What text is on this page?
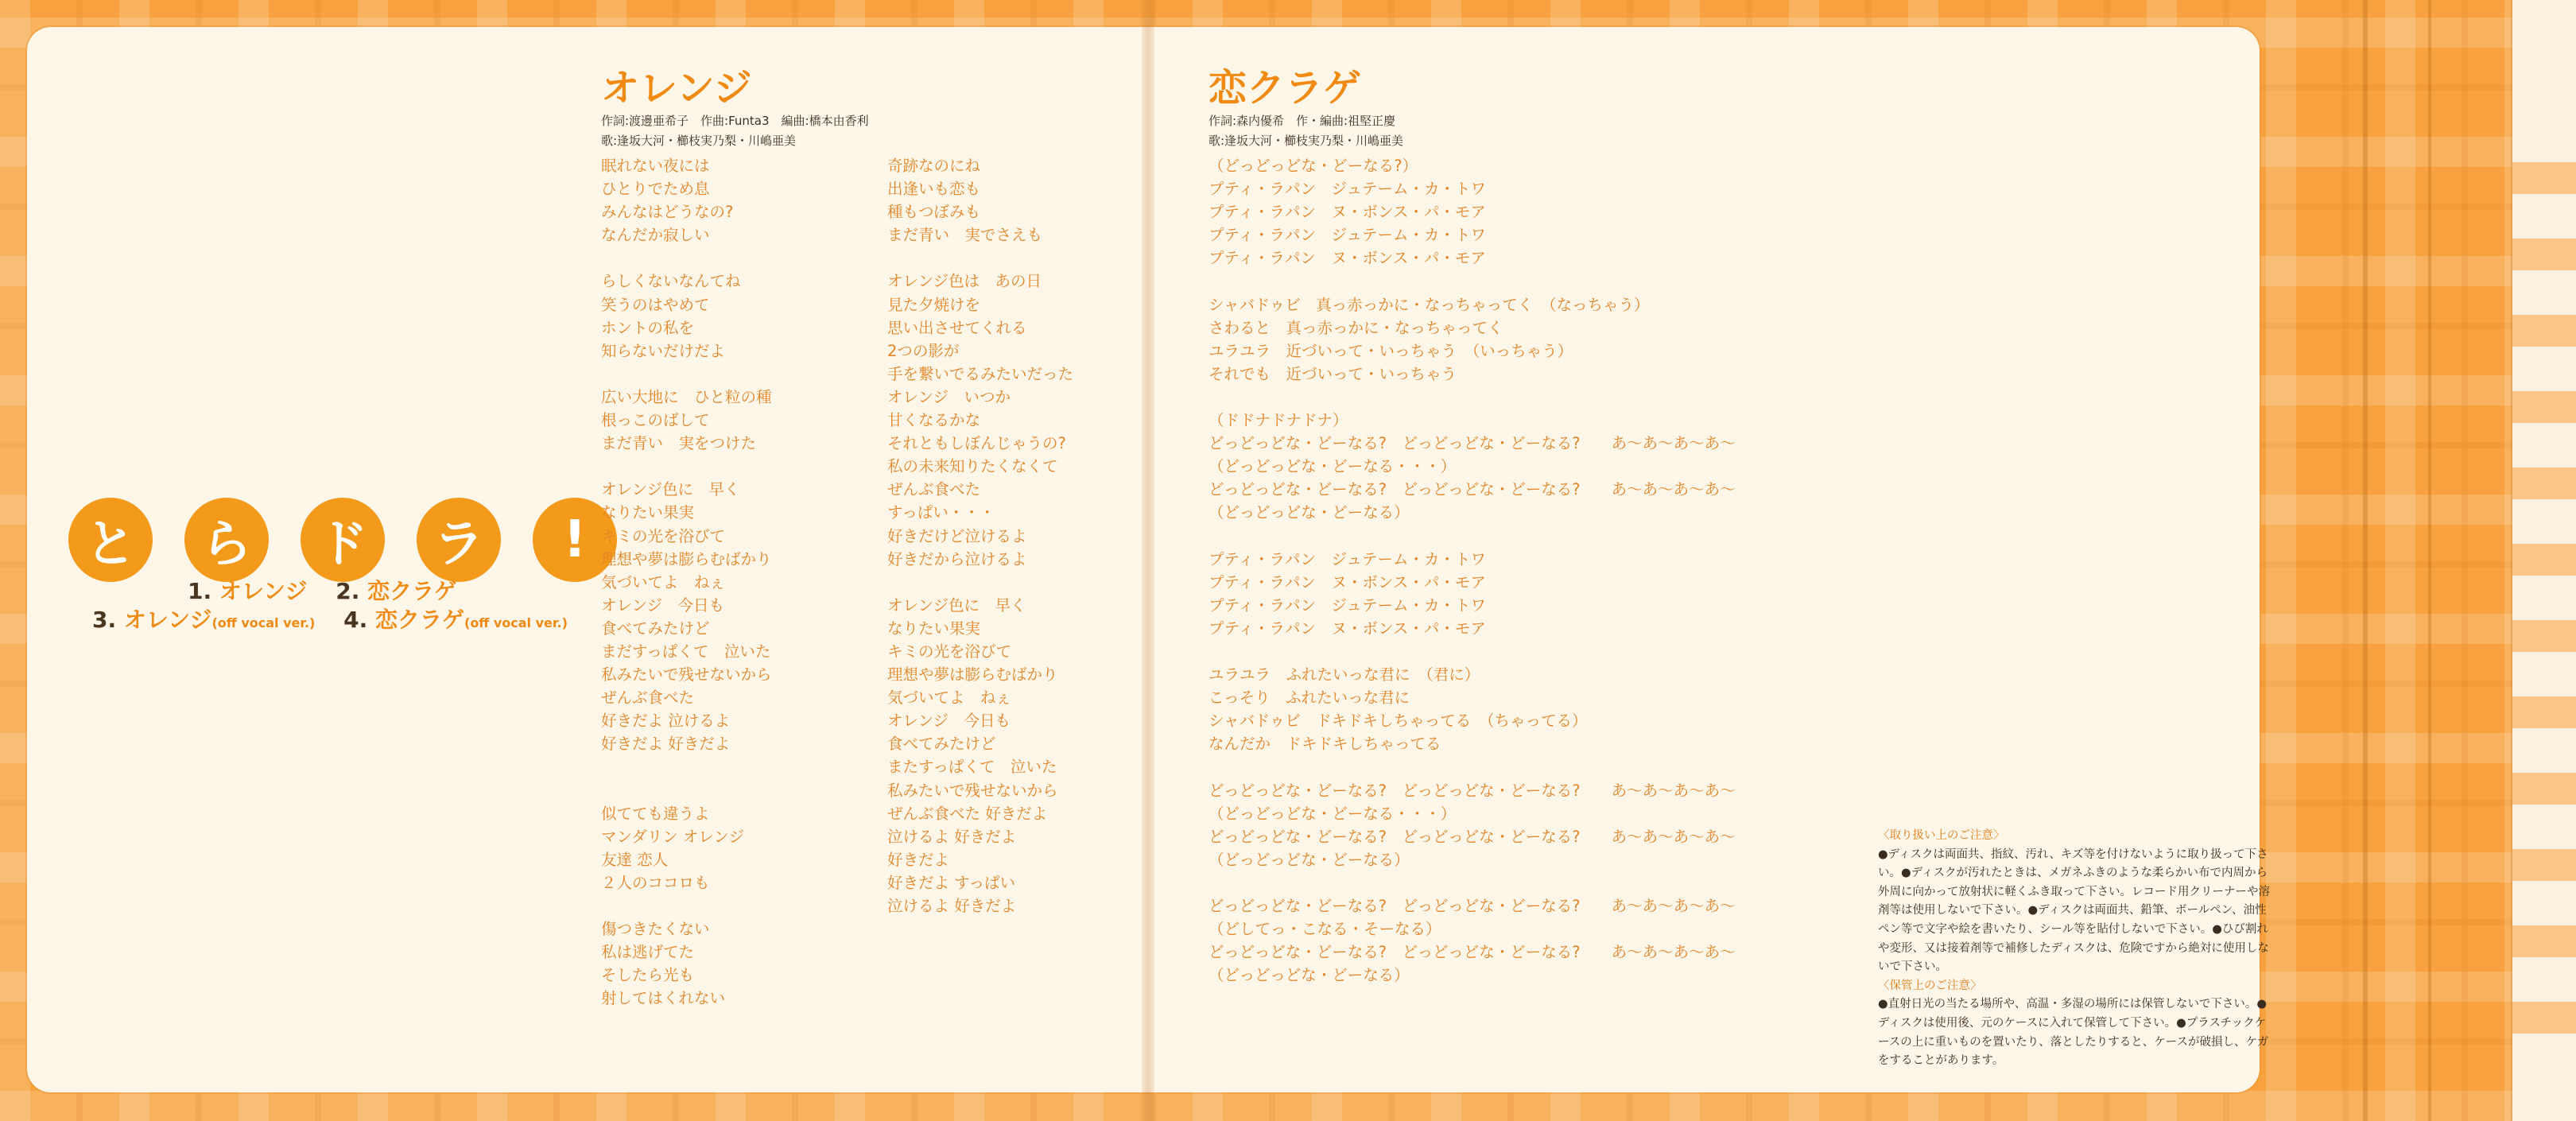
と	ら	ド	ラ	!
1. オレンジ 2. 恋クラゲ
3. オレンジ(off vocal ver.) 4. 恋クラゲ(off vocal ver.)
オレンジ
作詞:渡邊亜希子　作曲:Funta3　編曲:橋本由香利
歌:逢坂大河・櫛枝実乃梨・川嶋亜美
眠れない夜には
ひとりでため息
みんなはどうなの?
なんだか寂しい

らしくないなんてね
笑うのはやめて
ホントの私を
知らないだけだよ

広い大地に　ひと粒の種
根っこのばして
まだ青い　実をつけた

オレンジ色に　早く
なりたい果実
キミの光を浴びて
理想や夢は膨らむばかり
気づいてよ　ねぇ
オレンジ　今日も
食べてみたけど
まだすっぱくて　泣いた
私みたいで残せないから
ぜんぶ食べた
好きだよ 泣けるよ
好きだよ 好きだよ

似てても違うよ
マンダリン オレンジ
友達 恋人
２人のココロも

傷つきたくない
私は逃げてた
そしたら光も
射してはくれない
奇跡なのにね
出逢いも恋も
種もつぼみも
まだ青い　実でさえも

オレンジ色は　あの日
見た夕焼けを
思い出させてくれる
2つの影が
手を繋いでるみたいだった
オレンジ　いつか
甘くなるかな
それともしぼんじゃうの?
私の未来知りたくなくて
ぜんぶ食べた
すっぱい・・・
好きだけど泣けるよ
好きだから泣けるよ

オレンジ色に　早く
なりたい果実
キミの光を浴びて
理想や夢は膨らむばかり
気づいてよ　ねぇ
オレンジ　今日も
食べてみたけど
またすっぱくて　泣いた
私みたいで残せないから
ぜんぶ食べた 好きだよ
泣けるよ 好きだよ
好きだよ
好きだよ すっぱい
泣けるよ 好きだよ
恋クラゲ
作詞:森内優希　作・編曲:祖堅正慶
歌:逢坂大河・櫛枝実乃梨・川嶋亜美
（どっどっどな・どーなる?）
プティ・ラパン　ジュテーム・カ・トワ
プティ・ラパン　ヌ・ボンス・パ・モア
プティ・ラパン　ジュテーム・カ・トワ
プティ・ラパン　ヌ・ボンス・パ・モア

シャバドゥビ　真っ赤っかに・なっちゃってく　（なっちゃう）
さわると　真っ赤っかに・なっちゃってく
ユラユラ　近づいって・いっちゃう　（いっちゃう）
それでも　近づいって・いっちゃう

（ドドナドナドナ）
どっどっどな・どーなる?　どっどっどな・どーなる?　　あ〜あ〜あ〜あ〜
（どっどっどな・どーなる・・・）
どっどっどな・どーなる?　どっどっどな・どーなる?　　あ〜あ〜あ〜あ〜
（どっどっどな・どーなる）

プティ・ラパン　ジュテーム・カ・トワ
プティ・ラパン　ヌ・ボンス・パ・モア
プティ・ラパン　ジュテーム・カ・トワ
プティ・ラパン　ヌ・ボンス・パ・モア

ユラユラ　ふれたいっな君に　（君に）
こっそり　ふれたいっな君に
シャバドゥビ　ドキドキしちゃってる　（ちゃってる）
なんだか　ドキドキしちゃってる

どっどっどな・どーなる?　どっどっどな・どーなる?　　あ〜あ〜あ〜あ〜
（どっどっどな・どーなる・・・）
どっどっどな・どーなる?　どっどっどな・どーなる?　　あ〜あ〜あ〜あ〜
（どっどっどな・どーなる）

どっどっどな・どーなる?　どっどっどな・どーなる?　　あ〜あ〜あ〜あ〜
（どしてっ・こなる・そーなる）
どっどっどな・どーなる?　どっどっどな・どーなる?　　あ〜あ〜あ〜あ〜
（どっどっどな・どーなる）
〈取り扱い上のご注意〉
●ディスクは両面共、指紋、汚れ、キズ等を付けないように取り扱って下さい。●ディスクが汚れたときは、メガネふきのような柔らかい布で内周から外周に向かって放射状に軽くふき取って下さい。レコード用クリーナーや溶剤等は使用しないで下さい。●ディスクは両面共、鉛筆、ボールペン、油性ペン等で文字や絵を書いたり、シール等を貼付しないで下さい。●ひび割れや変形、又は接着剤等で補修したディスクは、危険ですから絶対に使用しないで下さい。
〈保管上のご注意〉
●直射日光の当たる場所や、高温・多湿の場所には保管しないで下さい。●ディスクは使用後、元のケースに入れて保管して下さい。●プラスチックケースの上に重いものを置いたり、落としたりすると、ケースが破損し、ケガをすることがあります。
